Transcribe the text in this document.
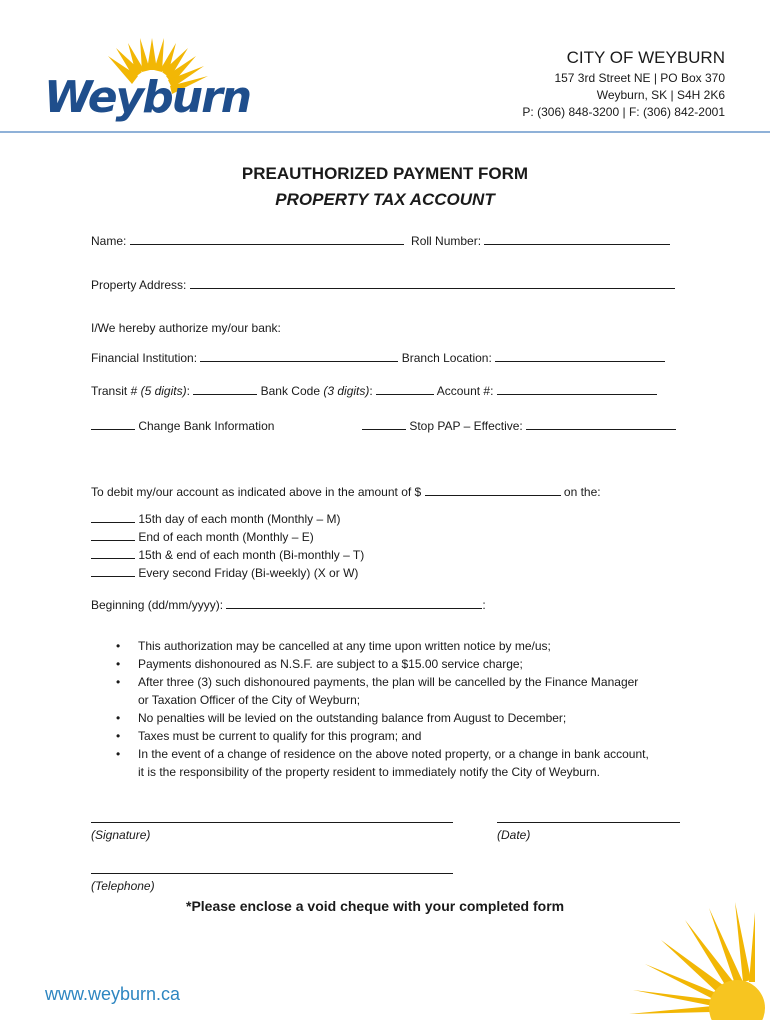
Weyburn
CITY OF WEYBURN
157 3rd Street NE | PO Box 370
Weyburn, SK | S4H 2K6
P: (306) 848-3200 | F: (306) 842-2001
PREAUTHORIZED PAYMENT FORM
PROPERTY TAX ACCOUNT
Name:	Roll Number:
Property Address:
I/We hereby authorize my/our bank:
Financial Institution:	Branch Location:
Transit # (5 digits):	Bank Code (3 digits):	Account #:
Change Bank Information	Stop PAP – Effective:
To debit my/our account as indicated above in the amount of $	on the:
15th day of each month (Monthly – M)
End of each month (Monthly – E)
15th & end of each month (Bi-monthly – T)
Every second Friday (Bi-weekly) (X or W)
Beginning (dd/mm/yyyy):	:
• This authorization may be cancelled at any time upon written notice by me/us;
• Payments dishonoured as N.S.F. are subject to a $15.00 service charge;
• After three (3) such dishonoured payments, the plan will be cancelled by the Finance Manager
or Taxation Officer of the City of Weyburn;
• No penalties will be levied on the outstanding balance from August to December;
• Taxes must be current to qualify for this program; and
• In the event of a change of residence on the above noted property, or a change in bank account,
it is the responsibility of the property resident to immediately notify the City of Weyburn.
(Signature)	(Date)
(Telephone)
*Please enclose a void cheque with your completed form
www.weyburn.ca
